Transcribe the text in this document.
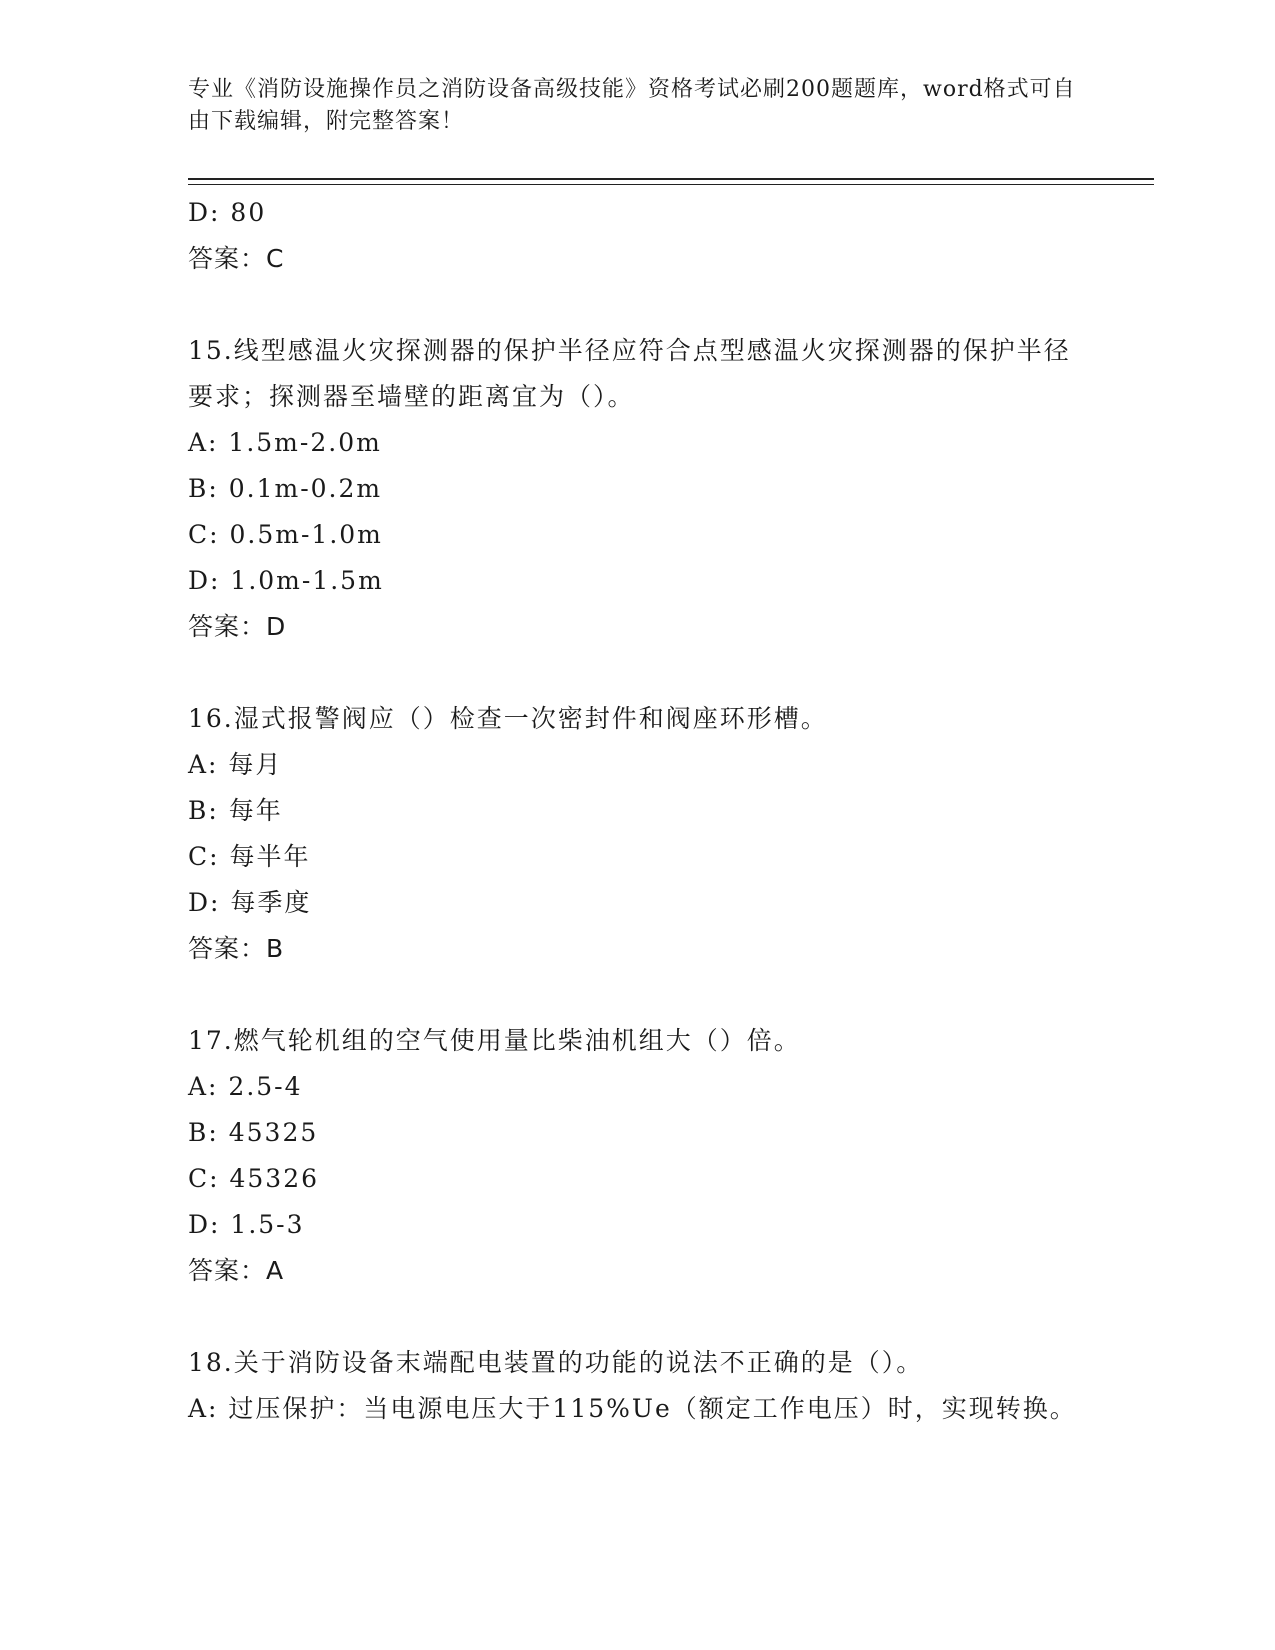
专业《消防设施操作员之消防设备高级技能》资格考试必刷200题题库，word格式可自由下载编辑，附完整答案！
D: 80
答案：C
15.线型感温火灾探测器的保护半径应符合点型感温火灾探测器的保护半径要求；探测器至墙壁的距离宜为（）。
A: 1.5m-2.0m
B: 0.1m-0.2m
C: 0.5m-1.0m
D: 1.0m-1.5m
答案：D
16.湿式报警阀应（）检查一次密封件和阀座环形槽。
A: 每月
B: 每年
C: 每半年
D: 每季度
答案：B
17.燃气轮机组的空气使用量比柴油机组大（）倍。
A: 2.5-4
B: 45325
C: 45326
D: 1.5-3
答案：A
18.关于消防设备末端配电装置的功能的说法不正确的是（）。
A: 过压保护：当电源电压大于115%Ue（额定工作电压）时，实现转换。
